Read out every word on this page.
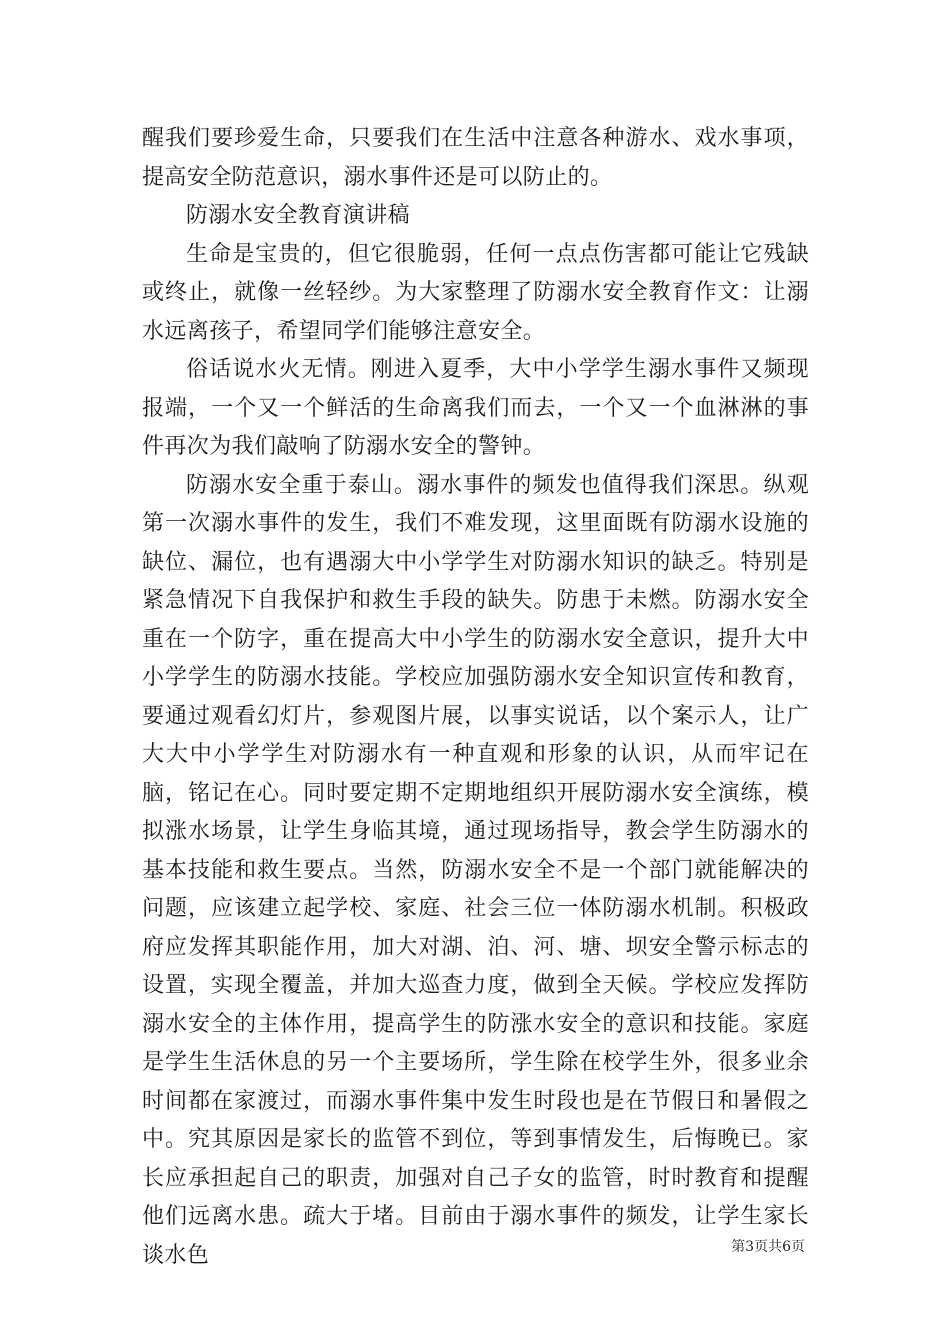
醒我们要珍爱生命，只要我们在生活中注意各种游水、戏水事项，提高安全防范意识，溺水事件还是可以防止的。

防溺水安全教育演讲稿

生命是宝贵的，但它很脆弱，任何一点点伤害都可能让它残缺或终止，就像一丝轻纱。为大家整理了防溺水安全教育作文：让溺水远离孩子，希望同学们能够注意安全。

俗话说水火无情。刚进入夏季，大中小学学生溺水事件又频现报端，一个又一个鲜活的生命离我们而去，一个又一个血淋淋的事件再次为我们敲响了防溺水安全的警钟。

防溺水安全重于泰山。溺水事件的频发也值得我们深思。纵观第一次溺水事件的发生，我们不难发现，这里面既有防溺水设施的缺位、漏位，也有遇溺大中小学学生对防溺水知识的缺乏。特别是紧急情况下自我保护和救生手段的缺失。防患于未燃。防溺水安全重在一个防字，重在提高大中小学生的防溺水安全意识，提升大中小学学生的防溺水技能。学校应加强防溺水安全知识宣传和教育，要通过观看幻灯片，参观图片展，以事实说话，以个案示人，让广大大中小学学生对防溺水有一种直观和形象的认识，从而牢记在脑，铭记在心。同时要定期不定期地组织开展防溺水安全演练，模拟涨水场景，让学生身临其境，通过现场指导，教会学生防溺水的基本技能和救生要点。当然，防溺水安全不是一个部门就能解决的问题，应该建立起学校、家庭、社会三位一体防溺水机制。积极政府应发挥其职能作用，加大对湖、泊、河、塘、坝安全警示标志的设置，实现全覆盖，并加大巡查力度，做到全天候。学校应发挥防溺水安全的主体作用，提高学生的防涨水安全的意识和技能。家庭是学生生活休息的另一个主要场所，学生除在校学生外，很多业余时间都在家渡过，而溺水事件集中发生时段也是在节假日和暑假之中。究其原因是家长的监管不到位，等到事情发生，后悔晚已。家长应承担起自己的职责，加强对自己子女的监管，时时教育和提醒他们远离水患。疏大于堵。目前由于溺水事件的频发，让学生家长谈水色	第3页共6页
